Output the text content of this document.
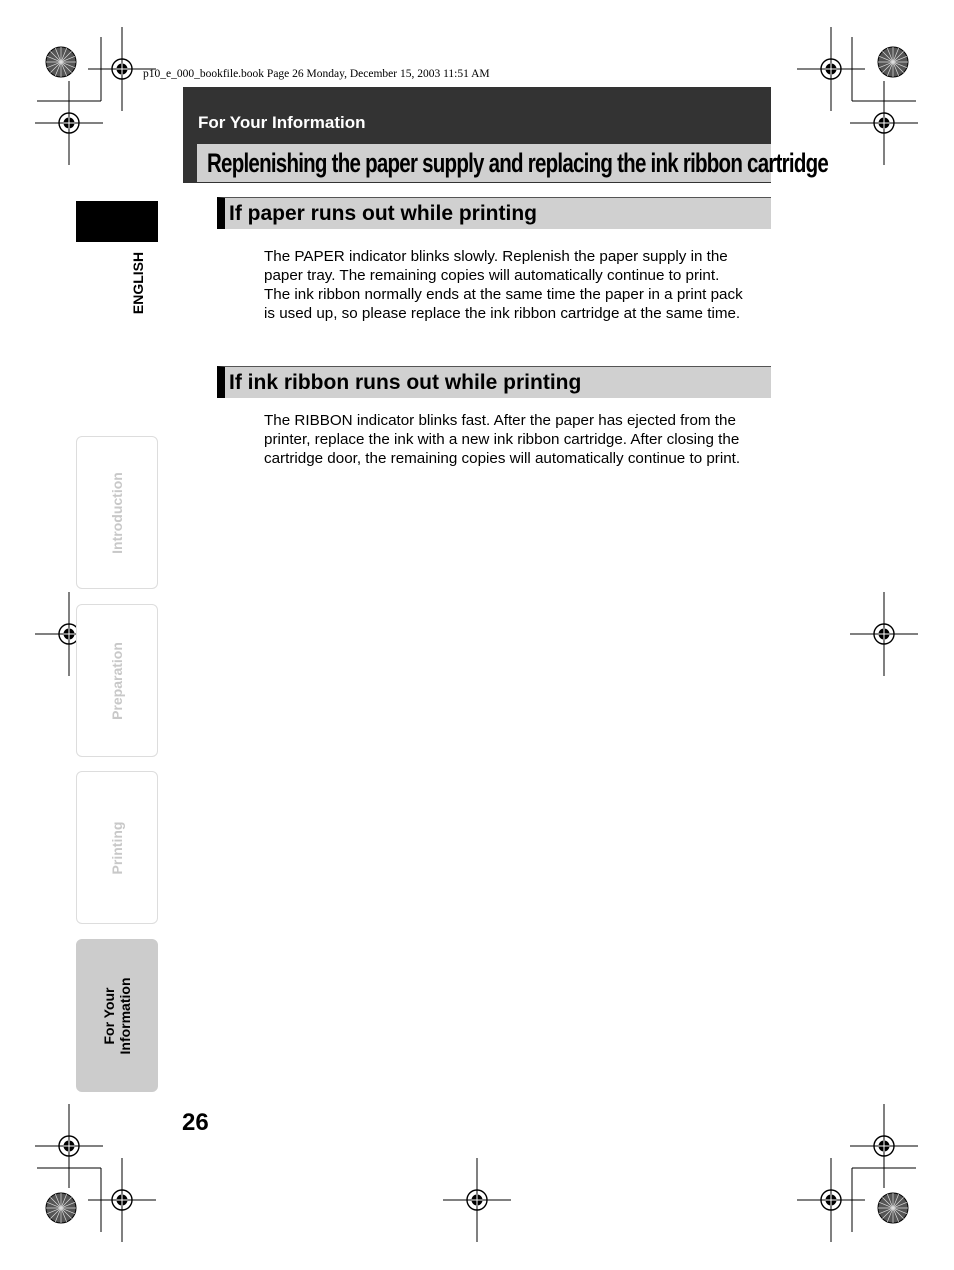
p10_e_000_bookfile.book Page 26 Monday, December 15, 2003 11:51 AM
For Your Information
Replenishing the paper supply and replacing the ink ribbon cartridge
If paper runs out while printing

The PAPER indicator blinks slowly. Replenish the paper supply in the

paper tray. The remaining copies will automatically continue to print.

The ink ribbon normally ends at the same time the paper in a print pack

is used up, so please replace the ink ribbon cartridge at the same time.

If ink ribbon runs out while printing

The RIBBON indicator blinks fast. After the paper has ejected from the

printer, replace the ink with a new ink ribbon cartridge. After closing the

cartridge door, the remaining copies will automatically continue to print.

ENGLISH
Introduction
Preparation
Printing
For Your
Information
26
